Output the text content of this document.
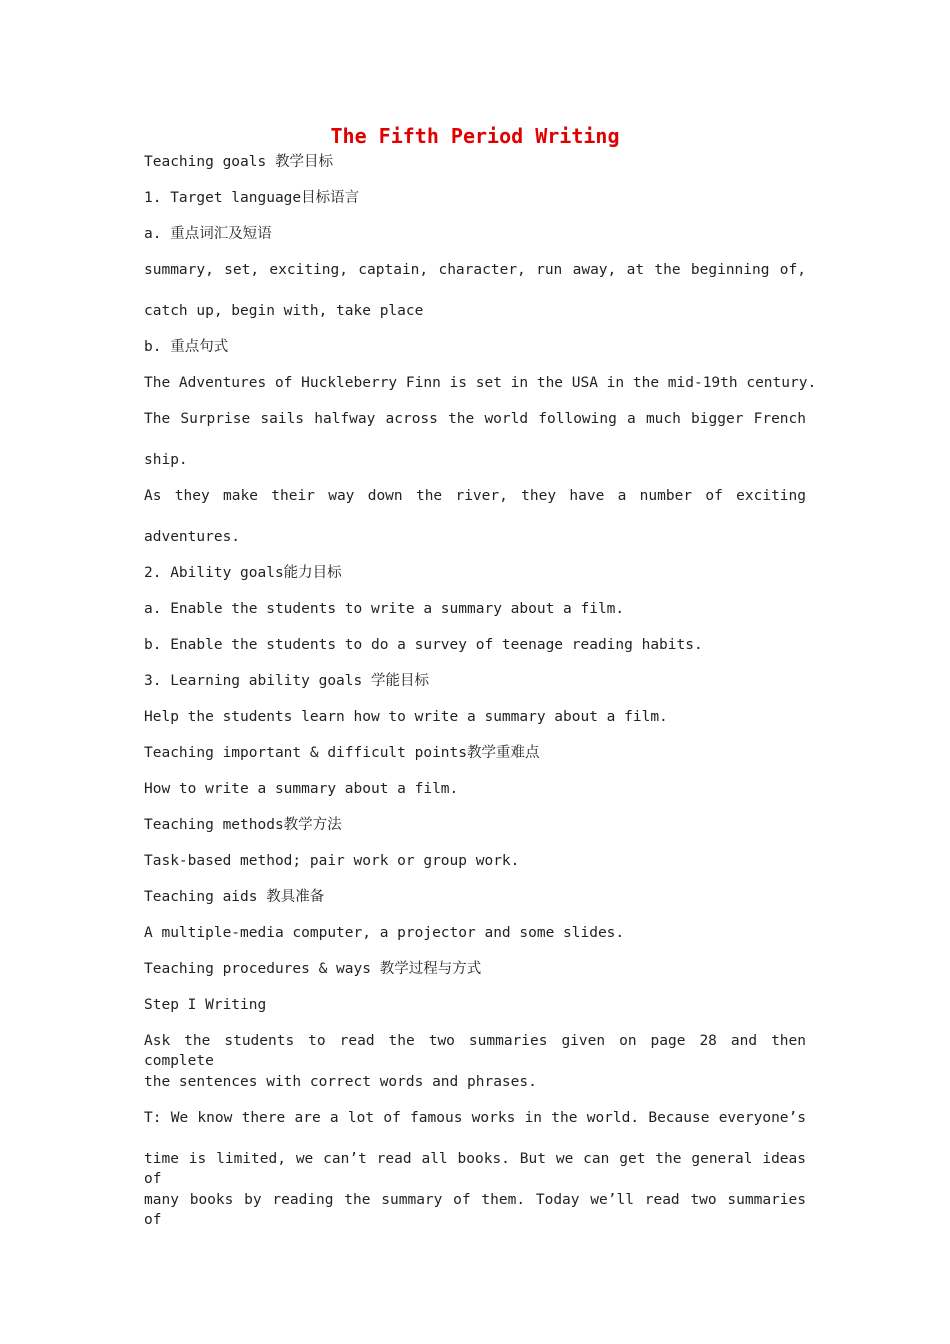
The Fifth Period Writing
Teaching goals 教学目标
1. Target language目标语言
a. 重点词汇及短语
summary, set, exciting, captain, character, run away, at the beginning of,
catch up, begin with, take place
b. 重点句式
The Adventures of Huckleberry Finn is set in the USA in the mid-19th century.
The Surprise sails halfway across the world following a much bigger French
ship.
As they make their way down the river, they have a number of exciting
adventures.
2. Ability goals能力目标
a. Enable the students to write a summary about a film.
b. Enable the students to do a survey of teenage reading habits.
3. Learning ability goals 学能目标
Help the students learn how to write a summary about a film.
Teaching important & difficult points教学重难点
How to write a summary about a film.
Teaching methods教学方法
Task-based method; pair work or group work.
Teaching aids 教具准备
A multiple-media computer, a projector and some slides.
Teaching procedures & ways 教学过程与方式
Step I Writing
Ask the students to read the two summaries given on page 28 and then complete
the sentences with correct words and phrases.
T: We know there are a lot of famous works in the world. Because everyone’s
time is limited, we can’t read all books. But we can get the general ideas of
many books by reading the summary of them. Today we’ll read two summaries of
